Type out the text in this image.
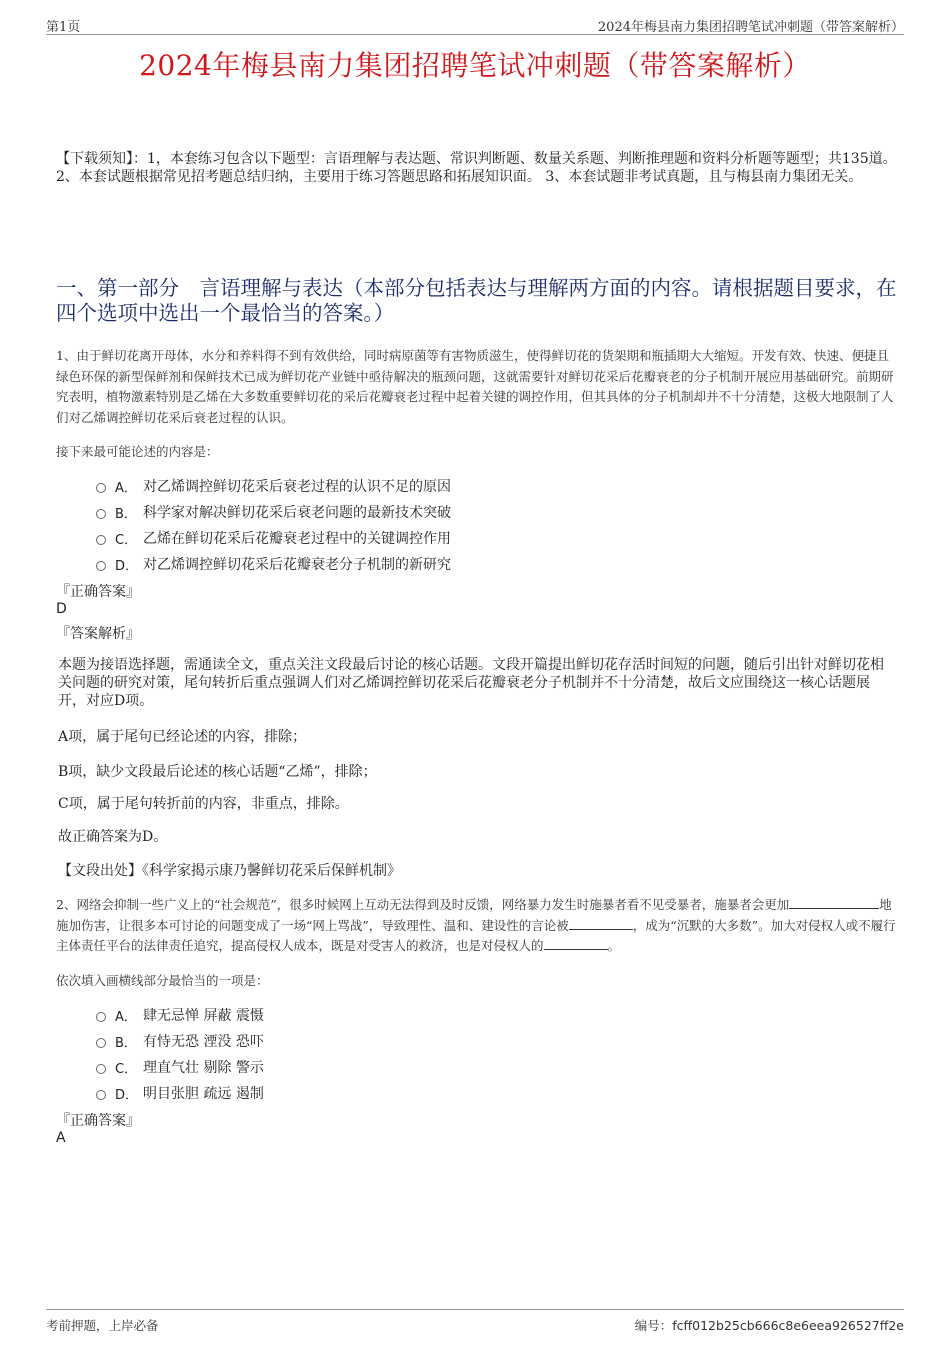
第1页	2024年梅县南力集团招聘笔试冲刺题（带答案解析）
2024年梅县南力集团招聘笔试冲刺题（带答案解析）
【下载须知】：1，本套练习包含以下题型：言语理解与表达题、常识判断题、数量关系题、判断推理题和资料分析题等题型；共135道。 2、本套试题根据常见招考题总结归纳，主要用于练习答题思路和拓展知识面。 3、本套试题非考试真题，且与梅县南力集团无关。
一、第一部分　言语理解与表达（本部分包括表达与理解两方面的内容。请根据题目要求，在四个选项中选出一个最恰当的答案。）
1、由于鲜切花离开母体，水分和养料得不到有效供给，同时病原菌等有害物质滋生，使得鲜切花的货架期和瓶插期大大缩短。开发有效、快速、便捷且绿色环保的新型保鲜剂和保鲜技术已成为鲜切花产业链中亟待解决的瓶颈问题，这就需要针对鲜切花采后花瓣衰老的分子机制开展应用基础研究。前期研究表明，植物激素特别是乙烯在大多数重要鲜切花的采后花瓣衰老过程中起着关键的调控作用，但其具体的分子机制却并不十分清楚，这极大地限制了人们对乙烯调控鲜切花采后衰老过程的认识。
接下来最可能论述的内容是：
A． 对乙烯调控鲜切花采后衰老过程的认识不足的原因
B． 科学家对解决鲜切花采后衰老问题的最新技术突破
C． 乙烯在鲜切花采后花瓣衰老过程中的关键调控作用
D． 对乙烯调控鲜切花采后花瓣衰老分子机制的新研究
『正确答案』
D
『答案解析』
本题为接语选择题，需通读全文，重点关注文段最后讨论的核心话题。文段开篇提出鲜切花存活时间短的问题，随后引出针对鲜切花相关问题的研究对策，尾句转折后重点强调人们对乙烯调控鲜切花采后花瓣衰老分子机制并不十分清楚，故后文应围绕这一核心话题展开，对应D项。
A项，属于尾句已经论述的内容，排除；
B项，缺少文段最后论述的核心话题“乙烯”，排除；
C项，属于尾句转折前的内容，非重点，排除。
故正确答案为D。
【文段出处】《科学家揭示康乃馨鲜切花采后保鲜机制》
2、网络会抑制一些广义上的“社会规范”，很多时候网上互动无法得到及时反馈，网络暴力发生时施暴者看不见受暴者，施暴者会更加	地施加伤害，让很多本可讨论的问题变成了一场“网上骂战”，导致理性、温和、建设性的言论被	，成为“沉默的大多数”。加大对侵权人或不履行主体责任平台的法律责任追究，提高侵权人成本，既是对受害人的救济，也是对侵权人的	。
依次填入画横线部分最恰当的一项是：
A． 肆无忌惮 屏蔽 震慑
B． 有恃无恐 湮没 恐吓
C． 理直气壮 剔除 警示
D． 明目张胆 疏远 遏制
『正确答案』
A
考前押题，上岸必备	编号：fcff012b25cb666c8e6eea926527ff2e
